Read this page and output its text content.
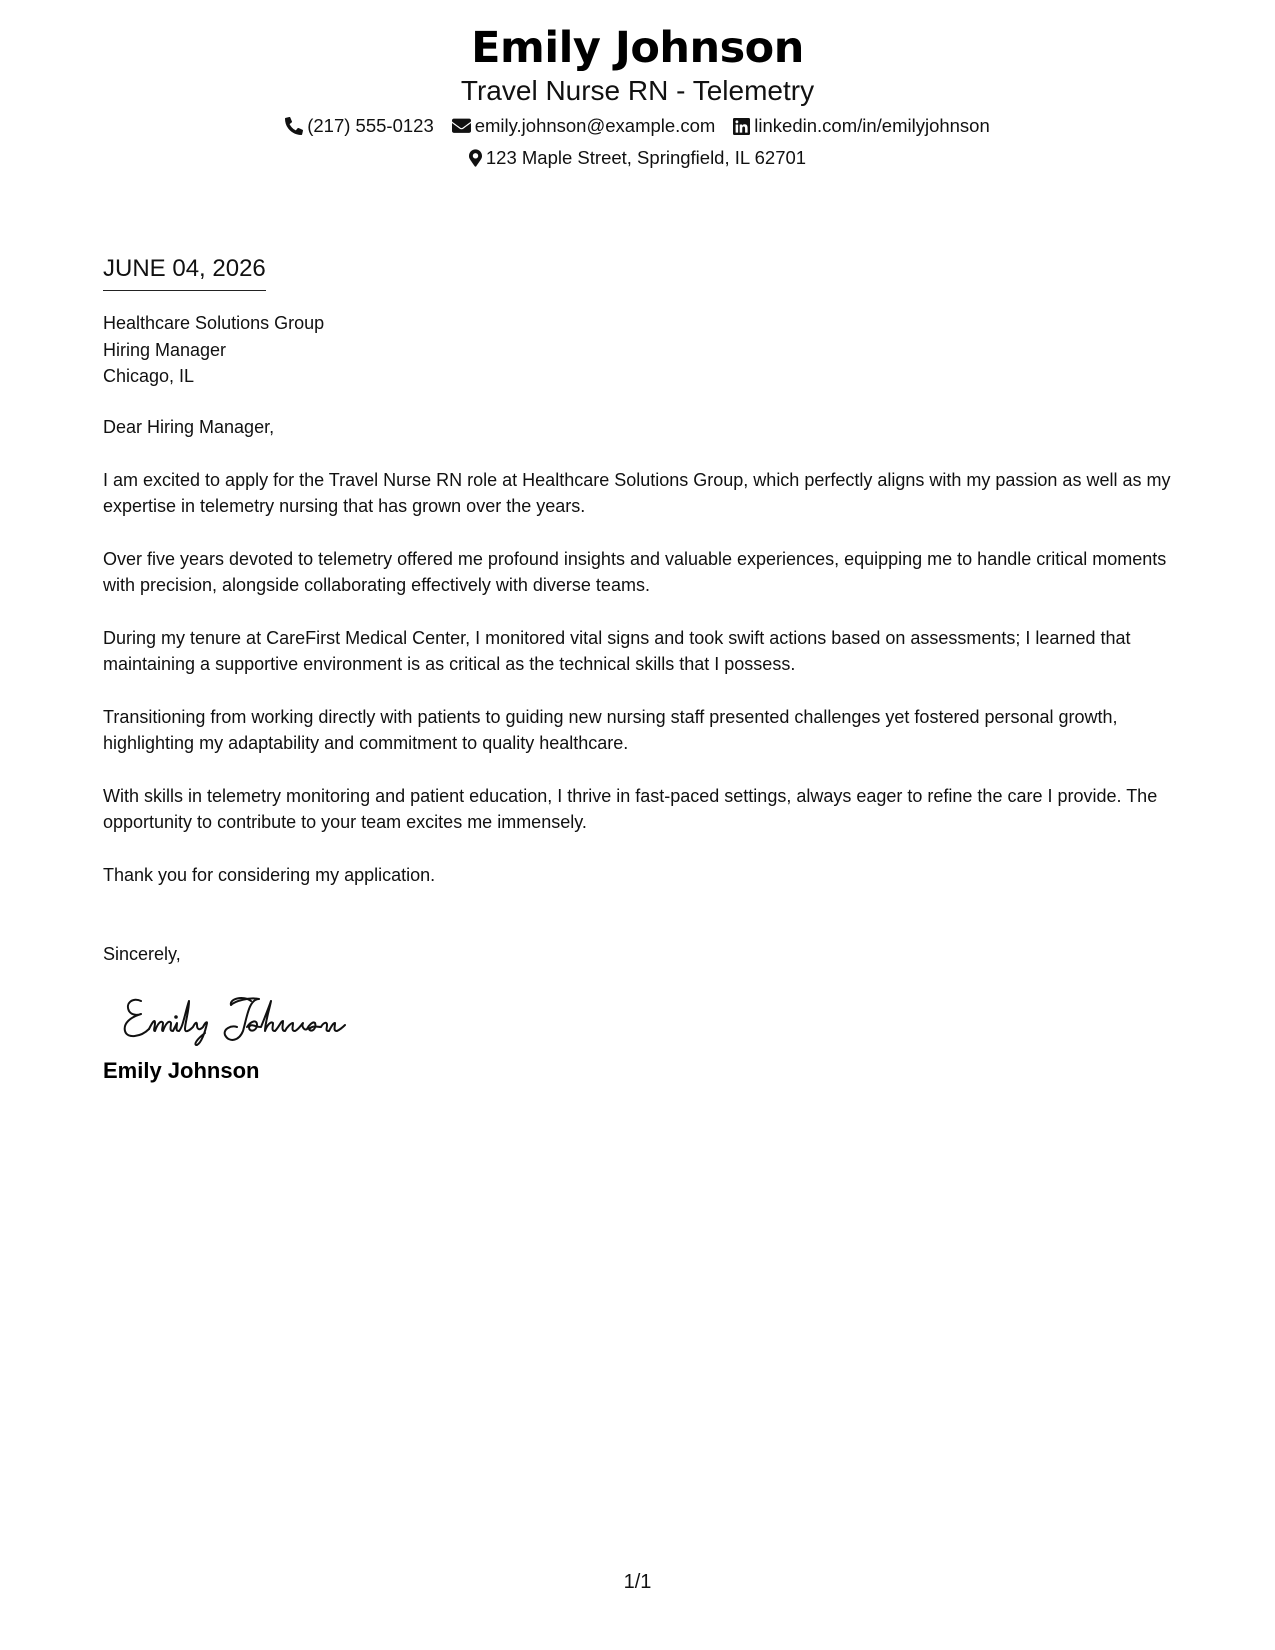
Emily Johnson
Travel Nurse RN - Telemetry
(217) 555-0123 emily.johnson@example.com linkedin.com/in/emilyjohnson
123 Maple Street, Springfield, IL 62701
JUNE 04, 2026
Healthcare Solutions Group
Hiring Manager
Chicago, IL
Dear Hiring Manager,
I am excited to apply for the Travel Nurse RN role at Healthcare Solutions Group, which perfectly aligns with my passion as well as my expertise in telemetry nursing that has grown over the years.
Over five years devoted to telemetry offered me profound insights and valuable experiences, equipping me to handle critical moments with precision, alongside collaborating effectively with diverse teams.
During my tenure at CareFirst Medical Center, I monitored vital signs and took swift actions based on assessments; I learned that maintaining a supportive environment is as critical as the technical skills that I possess.
Transitioning from working directly with patients to guiding new nursing staff presented challenges yet fostered personal growth, highlighting my adaptability and commitment to quality healthcare.
With skills in telemetry monitoring and patient education, I thrive in fast-paced settings, always eager to refine the care I provide. The opportunity to contribute to your team excites me immensely.
Thank you for considering my application.
Sincerely,
Emily Johnson
1/1
